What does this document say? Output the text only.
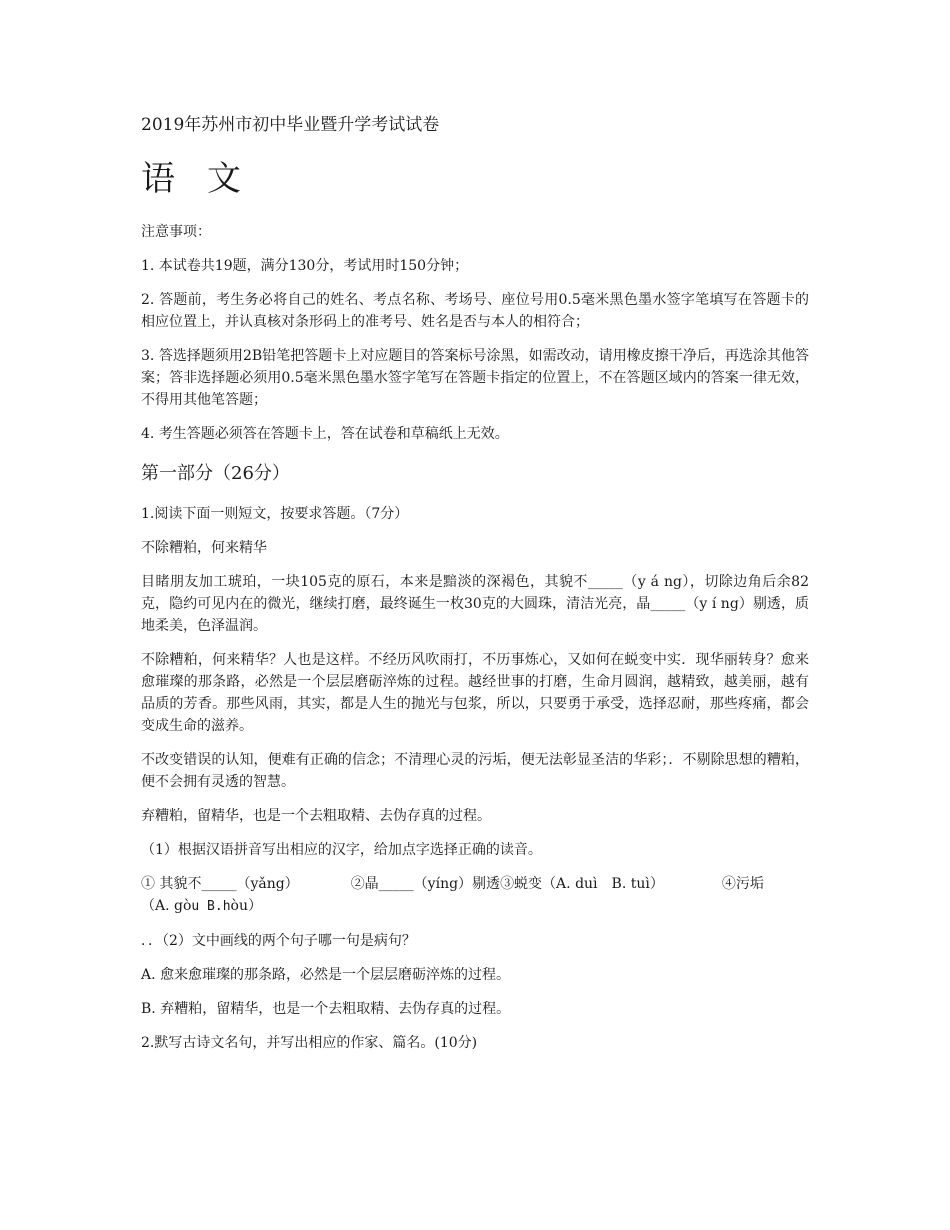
2019年苏州市初中毕业暨升学考试试卷
语 文

注意事项：

1. 本试卷共19题，满分130分，考试用时150分钟；

2. 答题前，考生务必将自己的姓名、考点名称、考场号、座位号用0.5毫米黑色墨水签字笔填写在答题卡的相应位置上，并认真核对条形码上的准考号、姓名是否与本人的相符合；

3. 答选择题须用2B铅笔把答题卡上对应题目的答案标号涂黑，如需改动，请用橡皮擦干净后，再选涂其他答案；答非选择题必须用0.5毫米黑色墨水签字笔写在答题卡指定的位置上，不在答题区域内的答案一律无效，不得用其他笔答题；

4. 考生答题必须答在答题卡上，答在试卷和草稿纸上无效。

第一部分（26分）

1.阅读下面一则短文，按要求答题。（7分）

不除糟粕，何来精华

目睹朋友加工琥珀，一块105克的原石，本来是黯淡的深褐色，其貌不_____（y á ng），切除边角后余82克，隐约可见内在的微光，继续打磨，最终诞生一枚30克的大圆珠，清洁光亮，晶_____（y í ng）剔透，质地柔美，色泽温润。

不除糟粕，何来精华？人也是这样。不经历风吹雨打，不历事炼心，又如何在蜕变中实．现华丽转身？愈来愈璀璨的那条路，必然是一个层层磨砺淬炼的过程。越经世事的打磨，生命月圆润，越精致，越美丽，越有品质的芳香。那些风雨，其实，都是人生的抛光与包浆，所以，只要勇于承受，选择忍耐，那些疼痛，都会变成生命的滋养。

不改变错误的认知，便难有正确的信念；不清理心灵的污垢，便无法彰显圣洁的华彩；．不剔除思想的糟粕，便不会拥有灵透的智慧。

弃糟粕，留精华，也是一个去粗取精、去伪存真的过程。

（1）根据汉语拼音写出相应的汉字，给加点字选择正确的读音。

① 其貌不_____（yǎng）	②晶_____（yíng）剔透③蜕变（A. duì　B. tuì）	④污垢
（A. gòu B.hòu）

．．（2）文中画线的两个句子哪一句是病句？

A. 愈来愈璀璨的那条路，必然是一个层层磨砺淬炼的过程。

B. 弃糟粕，留精华，也是一个去粗取精、去伪存真的过程。

2.默写古诗文名句，并写出相应的作家、篇名。(10分)
